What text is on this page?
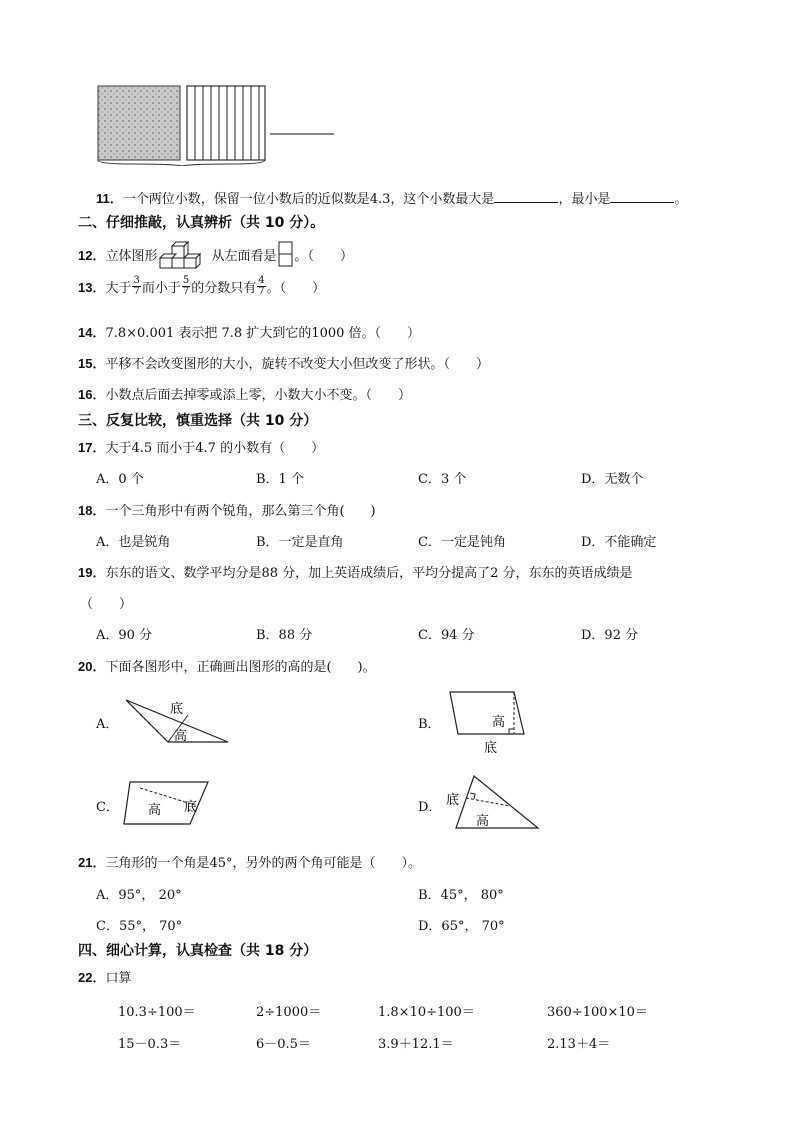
11．一个两位小数，保留一位小数后的近似数是4.3，这个小数最大是	，最小是	。
二、仔细推敲，认真辨析（共 10 分）。
12． 立体图形	从左面看是 。（　　）
13． 大于 $\frac{3}{7}$ 而小于 $\frac{5}{7}$ 的分数只有 $\frac{4}{7}$ 。（　　）
14．7.8×0.001 表示把 7.8 扩大到它的1000 倍。（　　）
15．平移不会改变图形的大小，旋转不改变大小但改变了形状。（　　）
16．小数点后面去掉零或添上零，小数大小不变。（　　）
三、反复比较，慎重选择（共 10 分）
17．大于4.5 而小于4.7 的小数有（　　）
A．0 个	B．1 个	C．3 个	D．无数个
18．一个三角形中有两个锐角，那么第三个角(　　)
A．也是锐角	B．一定是直角	C．一定是钝角	D．不能确定
19．东东的语文、数学平均分是88 分，加上英语成绩后，平均分提高了2 分，东东的英语成绩是
（　　）
A．90 分	B．88 分	C．94 分	D．92 分
20．下面各图形中，正确画出图形的高的是(　　)。
A．
底
高
B．	高
底
C． 高 底	D． 底
高
21．三角形的一个角是45°，另外的两个角可能是（　　）。
A．95°， 20°	B．45°， 80°
C．55°， 70°	D．65°， 70°
四、细心计算，认真检查（共 18 分）
22．口算
10.3÷100＝	2÷1000＝	1.8×10÷100＝	360÷100×10＝
15－0.3＝	6－0.5＝	3.9＋12.1＝	2.13＋4＝
